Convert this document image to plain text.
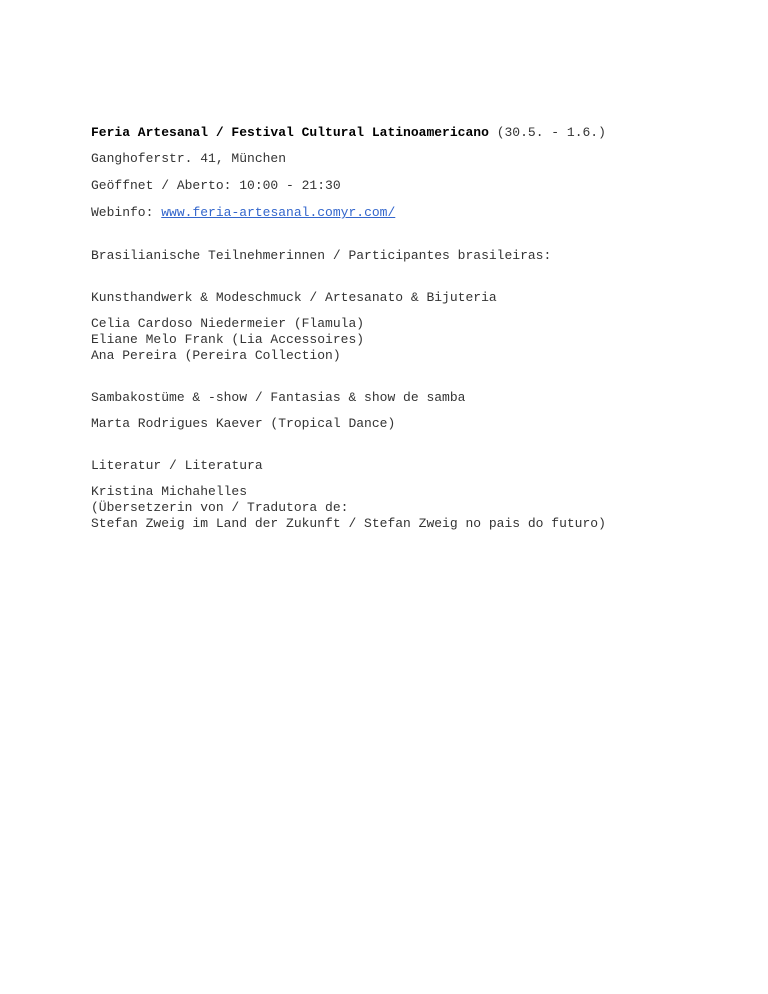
Feria Artesanal / Festival Cultural Latinoamericano (30.5. - 1.6.)

Ganghoferstr. 41, München

Geöffnet / Aberto: 10:00 - 21:30

Webinfo: www.feria-artesanal.comyr.com/

Brasilianische Teilnehmerinnen / Participantes brasileiras:

Kunsthandwerk & Modeschmuck / Artesanato & Bijuteria

Celia Cardoso Niedermeier (Flamula)

Eliane Melo Frank (Lia Accessoires)

Ana Pereira (Pereira Collection)

Sambakostüme & -show / Fantasias & show de samba

Marta Rodrigues Kaever (Tropical Dance)

Literatur / Literatura

Kristina Michahelles

(Übersetzerin von / Tradutora de:

Stefan Zweig im Land der Zukunft / Stefan Zweig no pais do futuro)
